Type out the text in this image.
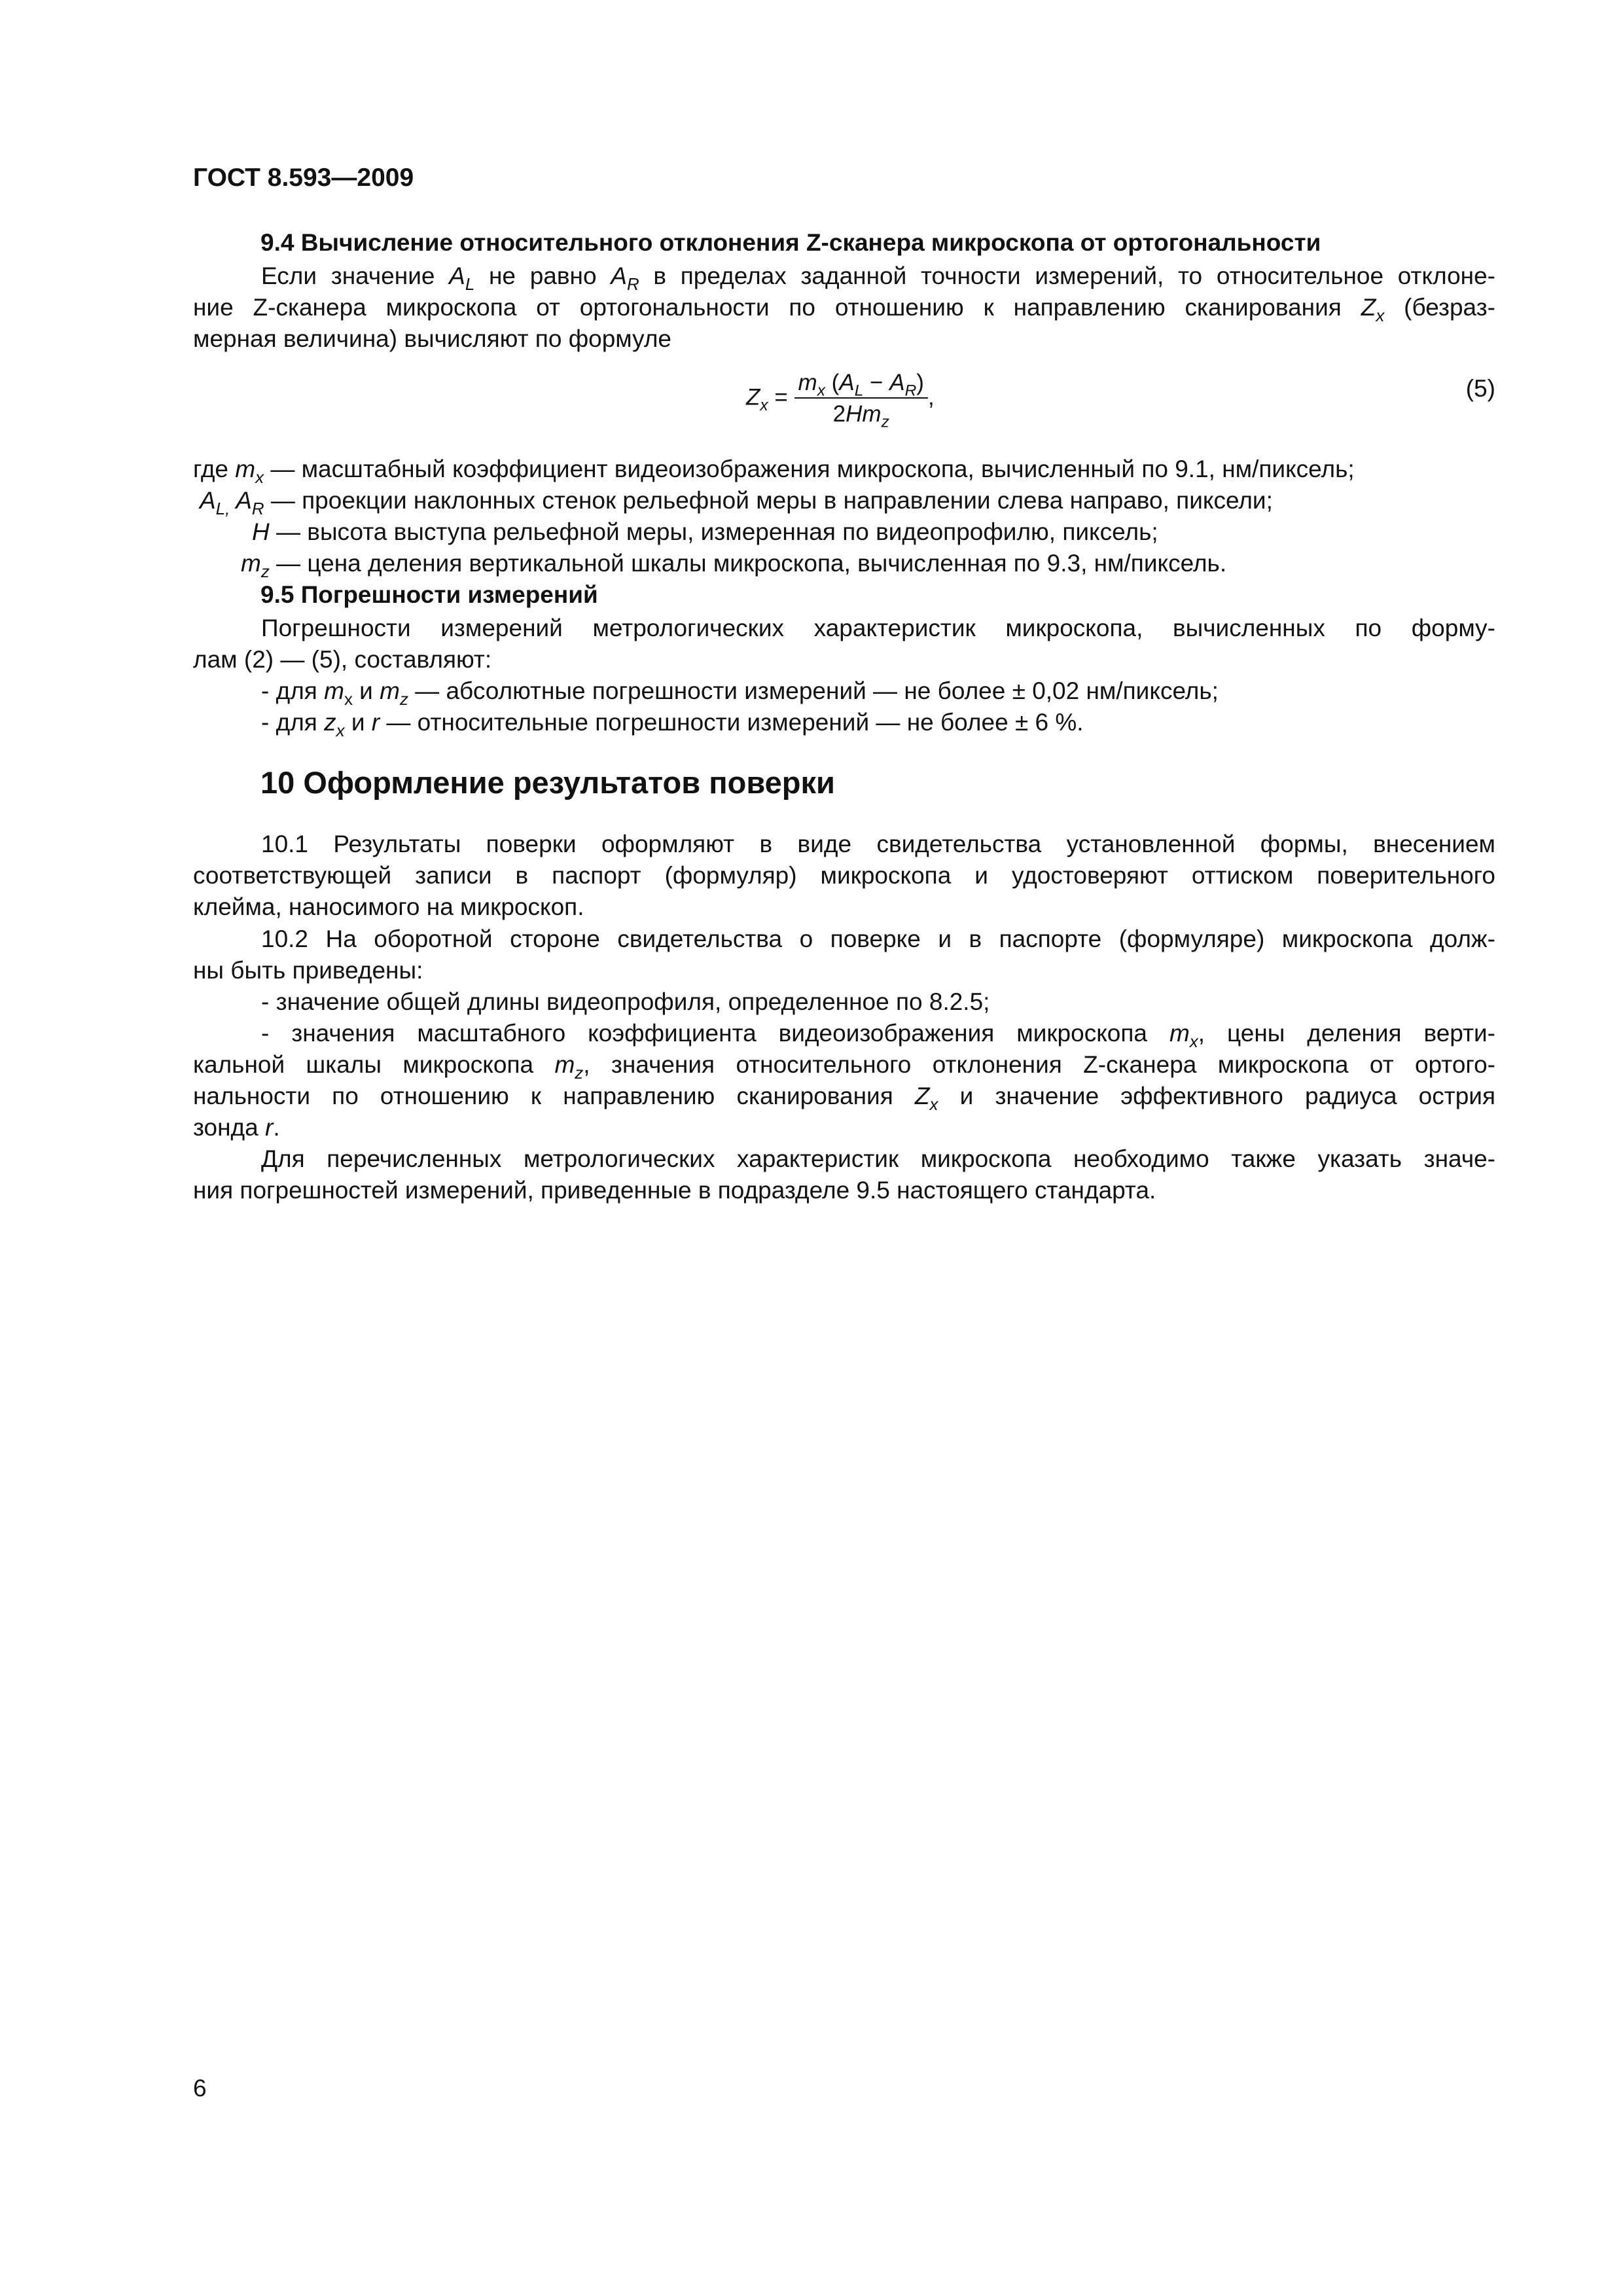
ГОСТ 8.593—2009
9.4 Вычисление относительного отклонения Z-сканера микроскопа от ортогональности
Если значение $A_L$ не равно $A_R$ в пределах заданной точности измерений, то относительное отклоне-
ние Z-сканера микроскопа от ортогональности по отношению к направлению сканирования $Z_x$ (безраз-
мерная величина) вычисляют по формуле
$Z_x = \frac{m_x (A_L - A_R)}{2Hm_z}$ ,	(5)
где $m_x$ — масштабный коэффициент видеоизображения микроскопа, вычисленный по 9.1, нм/пиксель;
$A_{L,}$ $A_R$ — проекции наклонных стенок рельефной меры в направлении слева направо, пиксели;
H — высота выступа рельефной меры, измеренная по видеопрофилю, пиксель;
$m_z$ — цена деления вертикальной шкалы микроскопа, вычисленная по 9.3, нм/пиксель.
9.5 Погрешности измерений
Погрешности измерений метрологических характеристик микроскопа, вычисленных по форму-
лам (2) — (5), составляют:
- для $m_x$ и $m_z$ — абсолютные погрешности измерений — не более ± 0,02 нм/пиксель;
- для $z_x$ и r — относительные погрешности измерений — не более ± 6 %.
10 Оформление результатов поверки
10.1 Результаты поверки оформляют в виде свидетельства установленной формы, внесением
соответствующей записи в паспорт (формуляр) микроскопа и удостоверяют оттиском поверительного
клейма, наносимого на микроскоп.
10.2 На оборотной стороне свидетельства о поверке и в паспорте (формуляре) микроскопа долж-
ны быть приведены:
- значение общей длины видеопрофиля, определенное по 8.2.5;
- значения масштабного коэффициента видеоизображения микроскопа $m_x$, цены деления верти-
кальной шкалы микроскопа $m_z$, значения относительного отклонения Z-сканера микроскопа от ортого-
нальности по отношению к направлению сканирования $Z_x$ и значение эффективного радиуса острия
зонда r.
Для перечисленных метрологических характеристик микроскопа необходимо также указать значе-
ния погрешностей измерений, приведенные в подразделе 9.5 настоящего стандарта.
6
